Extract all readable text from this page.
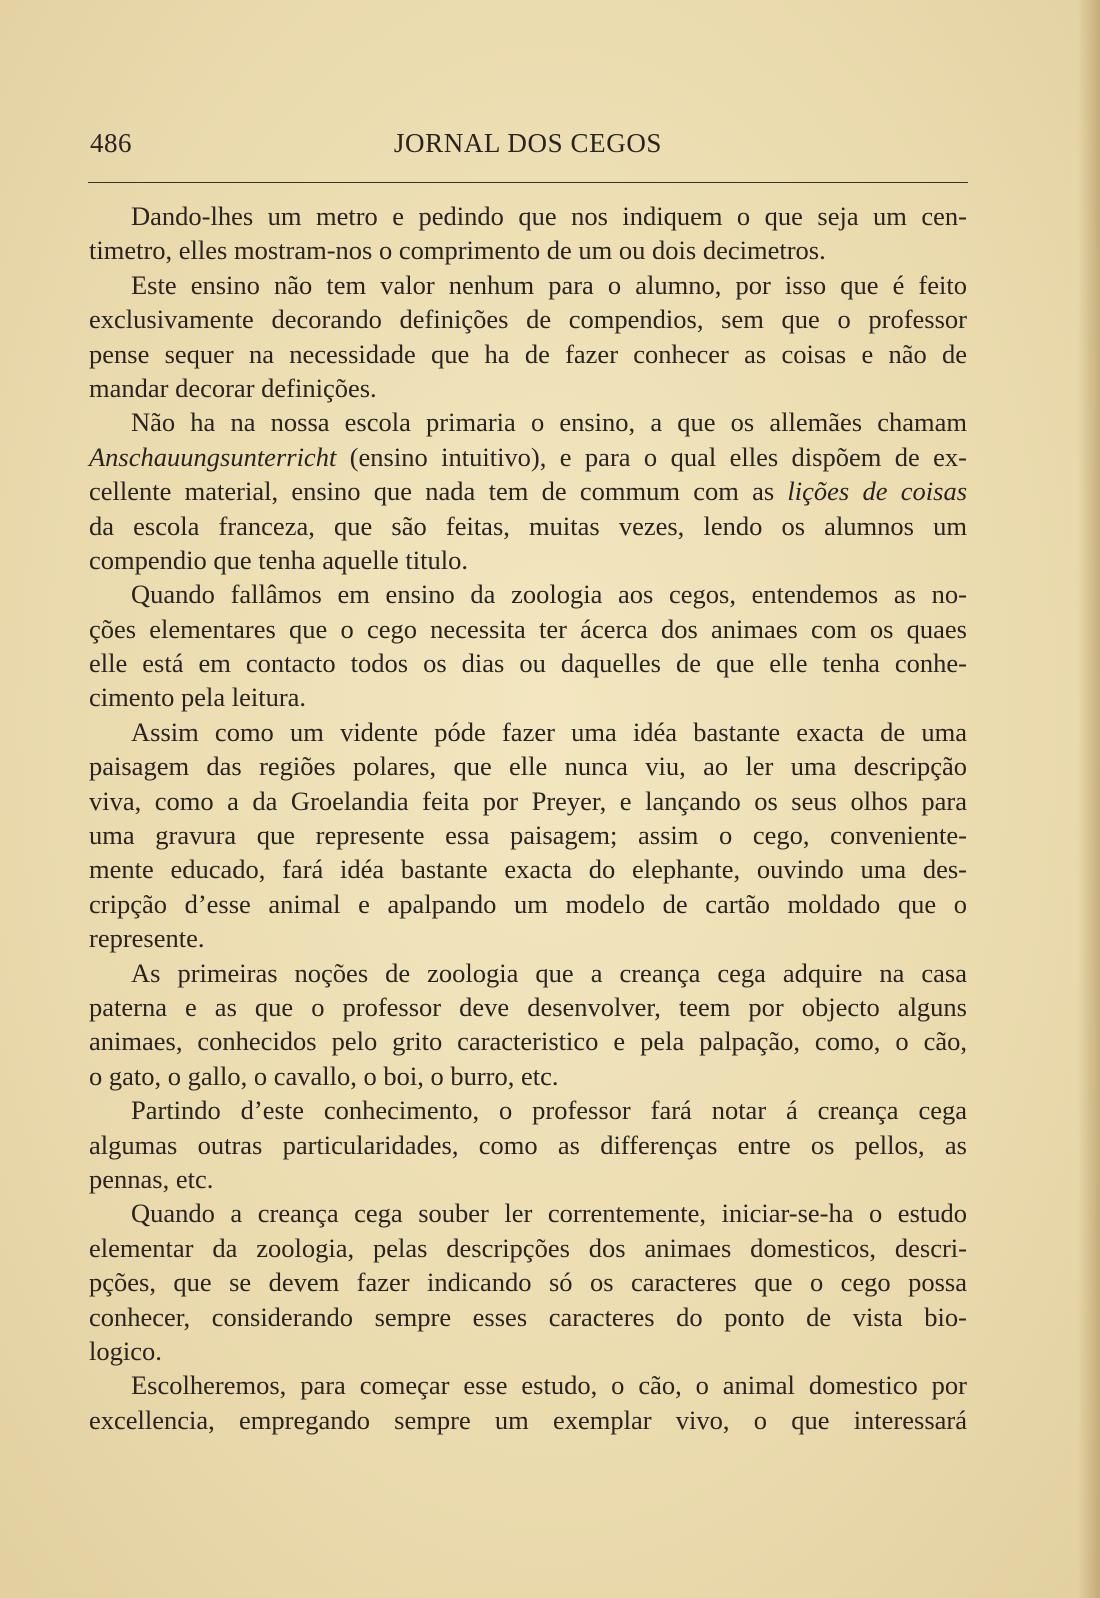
486	JORNAL DOS CEGOS
Dando-lhes um metro e pedindo que nos indiquem o que seja um cen-
timetro, elles mostram-nos o comprimento de um ou dois decimetros.
Este ensino não tem valor nenhum para o alumno, por isso que é feito
exclusivamente decorando definições de compendios, sem que o professor
pense sequer na necessidade que ha de fazer conhecer as coisas e não de
mandar decorar definições.
Não ha na nossa escola primaria o ensino, a que os allemães chamam
Anschauungsunterricht (ensino intuitivo), e para o qual elles dispõem de ex-
cellente material, ensino que nada tem de commum com as lições de coisas
da escola franceza, que são feitas, muitas vezes, lendo os alumnos um
compendio que tenha aquelle titulo.
Quando fallâmos em ensino da zoologia aos cegos, entendemos as no-
ções elementares que o cego necessita ter ácerca dos animaes com os quaes
elle está em contacto todos os dias ou daquelles de que elle tenha conhe-
cimento pela leitura.
Assim como um vidente póde fazer uma idéa bastante exacta de uma
paisagem das regiões polares, que elle nunca viu, ao ler uma descripção
viva, como a da Groelandia feita por Preyer, e lançando os seus olhos para
uma gravura que represente essa paisagem; assim o cego, conveniente-
mente educado, fará idéa bastante exacta do elephante, ouvindo uma des-
cripção d’esse animal e apalpando um modelo de cartão moldado que o
represente.
As primeiras noções de zoologia que a creança cega adquire na casa
paterna e as que o professor deve desenvolver, teem por objecto alguns
animaes, conhecidos pelo grito caracteristico e pela palpação, como, o cão,
o gato, o gallo, o cavallo, o boi, o burro, etc.
Partindo d’este conhecimento, o professor fará notar á creança cega
algumas outras particularidades, como as differenças entre os pellos, as
pennas, etc.
Quando a creança cega souber ler correntemente, iniciar-se-ha o estudo
elementar da zoologia, pelas descripções dos animaes domesticos, descri-
pções, que se devem fazer indicando só os caracteres que o cego possa
conhecer, considerando sempre esses caracteres do ponto de vista bio-
logico.
Escolheremos, para começar esse estudo, o cão, o animal domestico por
excellencia, empregando sempre um exemplar vivo, o que interessará
